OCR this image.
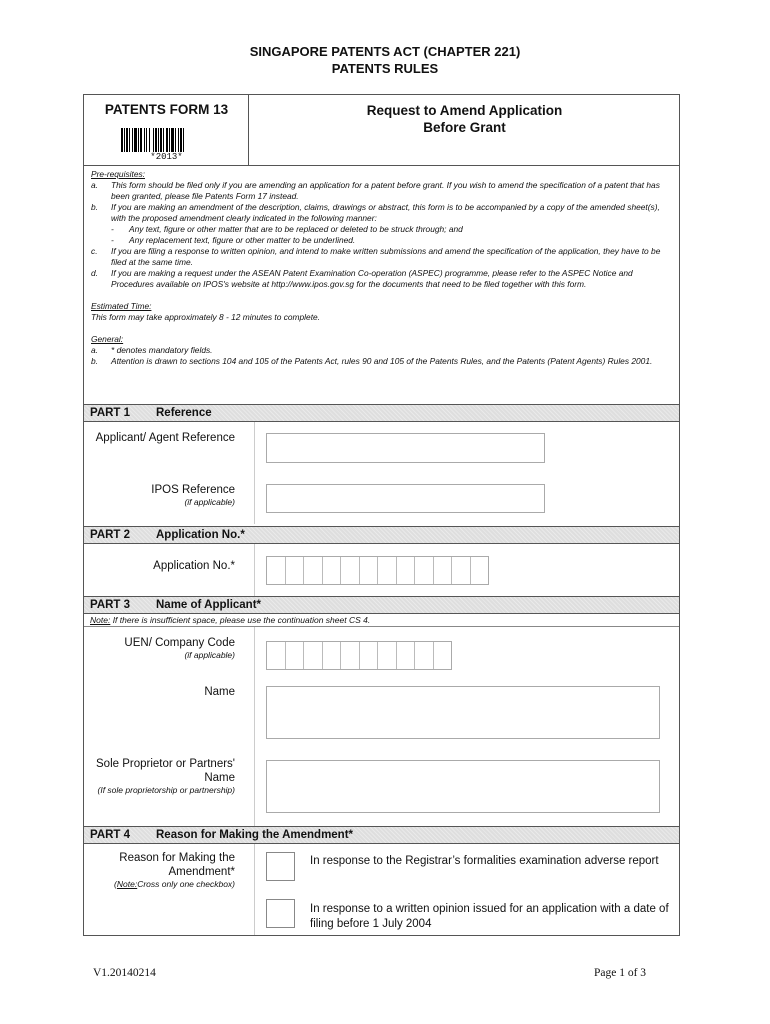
SINGAPORE PATENTS ACT (CHAPTER 221)
PATENTS RULES
PATENTS FORM 13
*2013*
Request to Amend Application
Before Grant
Pre-requisites:
a. This form should be filed only if you are amending an application for a patent before grant. If you wish to amend the specification of a patent that has been granted, please file Patents Form 17 instead.
b. If you are making an amendment of the description, claims, drawings or abstract, this form is to be accompanied by a copy of the amended sheet(s), with the proposed amendment clearly indicated in the following manner:
- Any text, figure or other matter that are to be replaced or deleted to be struck through; and
- Any replacement text, figure or other matter to be underlined.
c. If you are filing a response to written opinion, and intend to make written submissions and amend the specification of the application, they have to be filed at the same time.
d. If you are making a request under the ASEAN Patent Examination Co-operation (ASPEC) programme, please refer to the ASPEC Notice and Procedures available on IPOS's website at http://www.ipos.gov.sg for the documents that need to be filed together with this form.
Estimated Time:
This form may take approximately 8 - 12 minutes to complete.
General:
a. * denotes mandatory fields.
b. Attention is drawn to sections 104 and 105 of the Patents Act, rules 90 and 105 of the Patents Rules, and the Patents (Patent Agents) Rules 2001.
PART 1 Reference
Applicant/ Agent Reference
IPOS Reference
(if applicable)
PART 2 Application No.*
Application No.*
PART 3 Name of Applicant*
Note: If there is insufficient space, please use the continuation sheet CS 4.
UEN/ Company Code
(if applicable)
Name
Sole Proprietor or Partners' Name
(If sole proprietorship or partnership)
PART 4 Reason for Making the Amendment*
Reason for Making the Amendment*
(Note:Cross only one checkbox)
In response to the Registrar’s formalities examination adverse report
In response to a written opinion issued for an application with a date of filing before 1 July 2004
V1.20140214	Page 1 of 3
